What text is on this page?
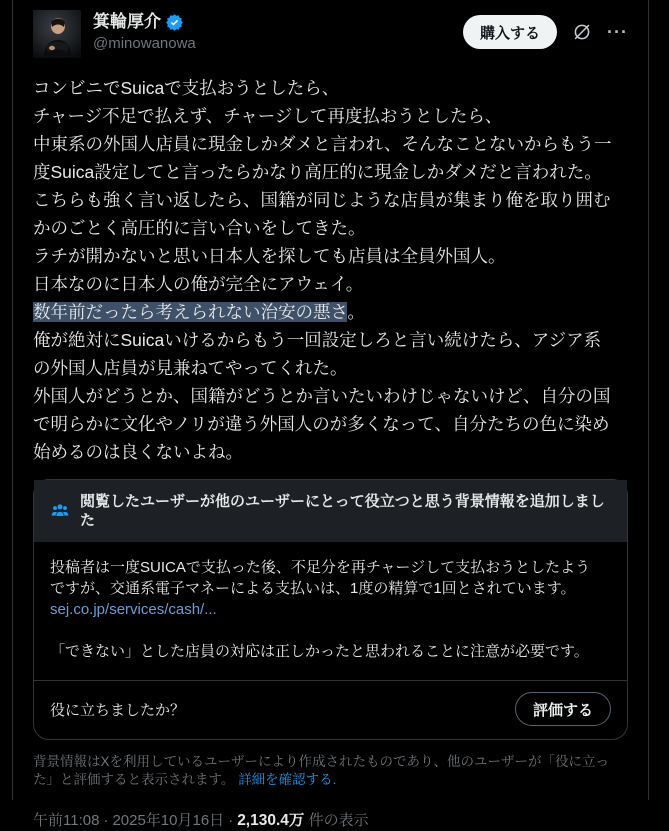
箕輪厚介
@minowanowa
購入する	···
コンビニでSuicaで支払おうとしたら、
チャージ不足で払えず、チャージして再度払おうとしたら、
中東系の外国人店員に現金しかダメと言われ、そんなことないからもう一
度Suica設定してと言ったらかなり高圧的に現金しかダメだと言われた。
こちらも強く言い返したら、国籍が同じような店員が集まり俺を取り囲む
かのごとく高圧的に言い合いをしてきた。
ラチが開かないと思い日本人を探しても店員は全員外国人。
日本なのに日本人の俺が完全にアウェイ。
数年前だったら考えられない治安の悪さ。
俺が絶対にSuicaいけるからもう一回設定しろと言い続けたら、アジア系
の外国人店員が見兼ねてやってくれた。
外国人がどうとか、国籍がどうとか言いたいわけじゃないけど、自分の国
で明らかに文化やノリが違う外国人のが多くなって、自分たちの色に染め
始めるのは良くないよね。
閲覧したユーザーが他のユーザーにとって役立つと思う背景情報を追加しました
投稿者は一度SUICAで支払った後、不足分を再チャージして支払おうとしたよう
ですが、交通系電子マネーによる支払いは、1度の精算で1回とされています。
sej.co.jp/services/cash/...
「できない」とした店員の対応は正しかったと思われることに注意が必要です。
役に立ちましたか？	評価する
背景情報はXを利用しているユーザーにより作成されたものであり、他のユーザーが「役に立った」と評価すると表示されます。 詳細を確認する.
午前11:08 · 2025年10月16日 · 2,130.4万 件の表示
